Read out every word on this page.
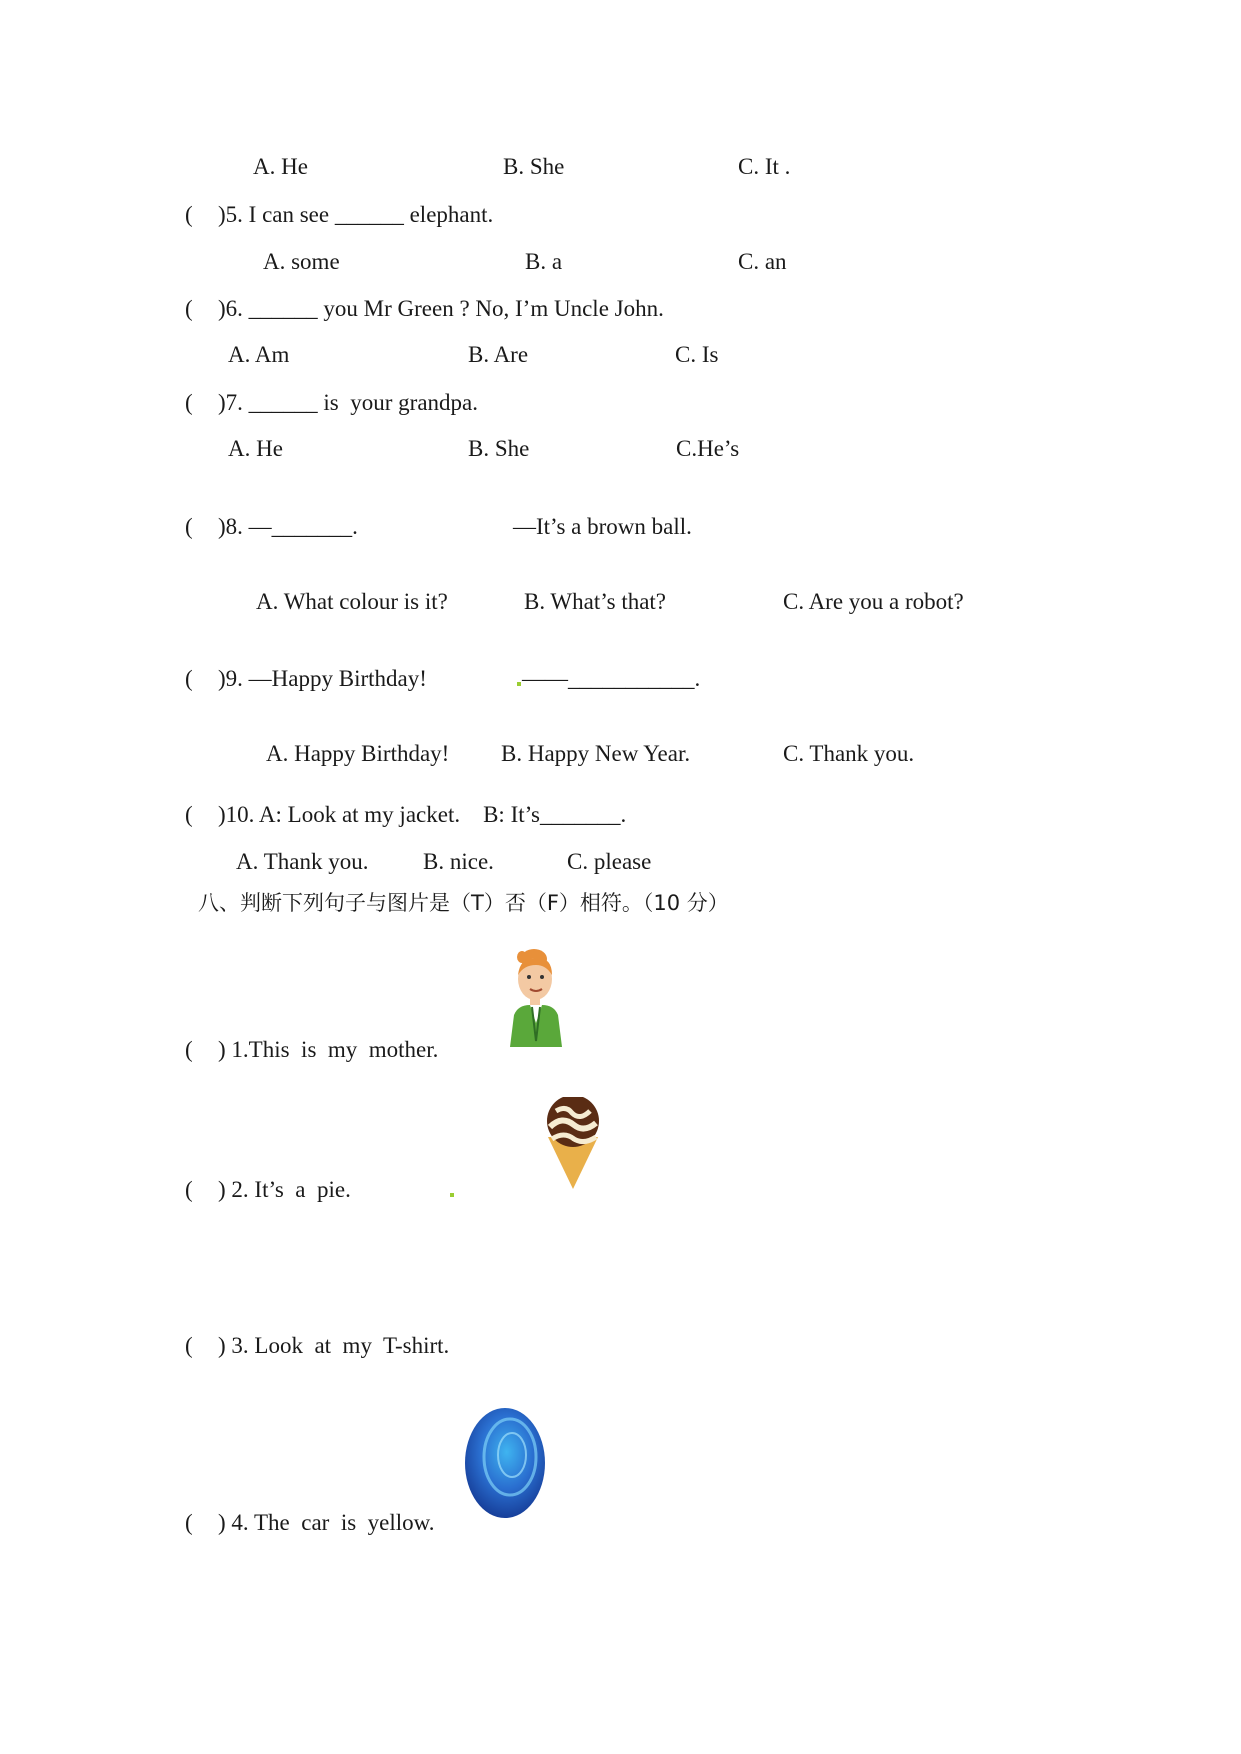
A. He	B. She	C. It .
( )5. I can see ______ elephant.
A. some	B. a	C. an
( )6. ______ you Mr Green ? No, I’m Uncle John.
A. Am	B. Are	C. Is
( )7. ______ is  your grandpa.
A. He	B. She	C.He’s
( )8. —_______.	—It’s a brown ball.
A. What colour is it?	B. What’s that?	C. Are you a robot?
( )9. —Happy Birthday!	——___________.
A. Happy Birthday! B. Happy New Year.	C. Thank you.
( )10. A: Look at my jacket.    B: It’s_______.
A. Thank you. B. nice.	C. please
八、判断下列句子与图片是（T）否（F）相符。（10 分）
( ) 1.This  is  my  mother.
( ) 2. It’s  a  pie.
( ) 3. Look  at  my  T-shirt.
( ) 4. The  car  is  yellow.
